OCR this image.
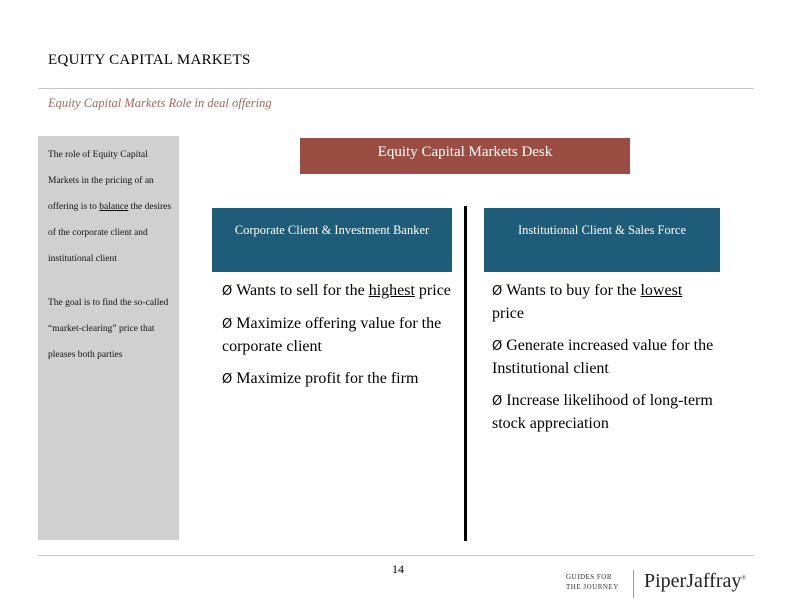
EQUITY CAPITAL MARKETS
Equity Capital Markets Role in deal offering

The role of Equity Capital Markets in the pricing of an offering is to balance the desires of the corporate client and institutional client

The goal is to find the so-called “market-clearing” price that pleases both parties

Equity Capital Markets Desk
Corporate Client & Investment Banker	Institutional Client & Sales Force
Ø Wants to sell for the highest price
Ø Maximize offering value for the corporate client
Ø Maximize profit for the firm
Ø Wants to buy for the lowest price
Ø Generate increased value for the Institutional client
Ø Increase likelihood of long-term stock appreciation
14
GUIDES FOR
THE JOURNEY	PiperJaffray®
